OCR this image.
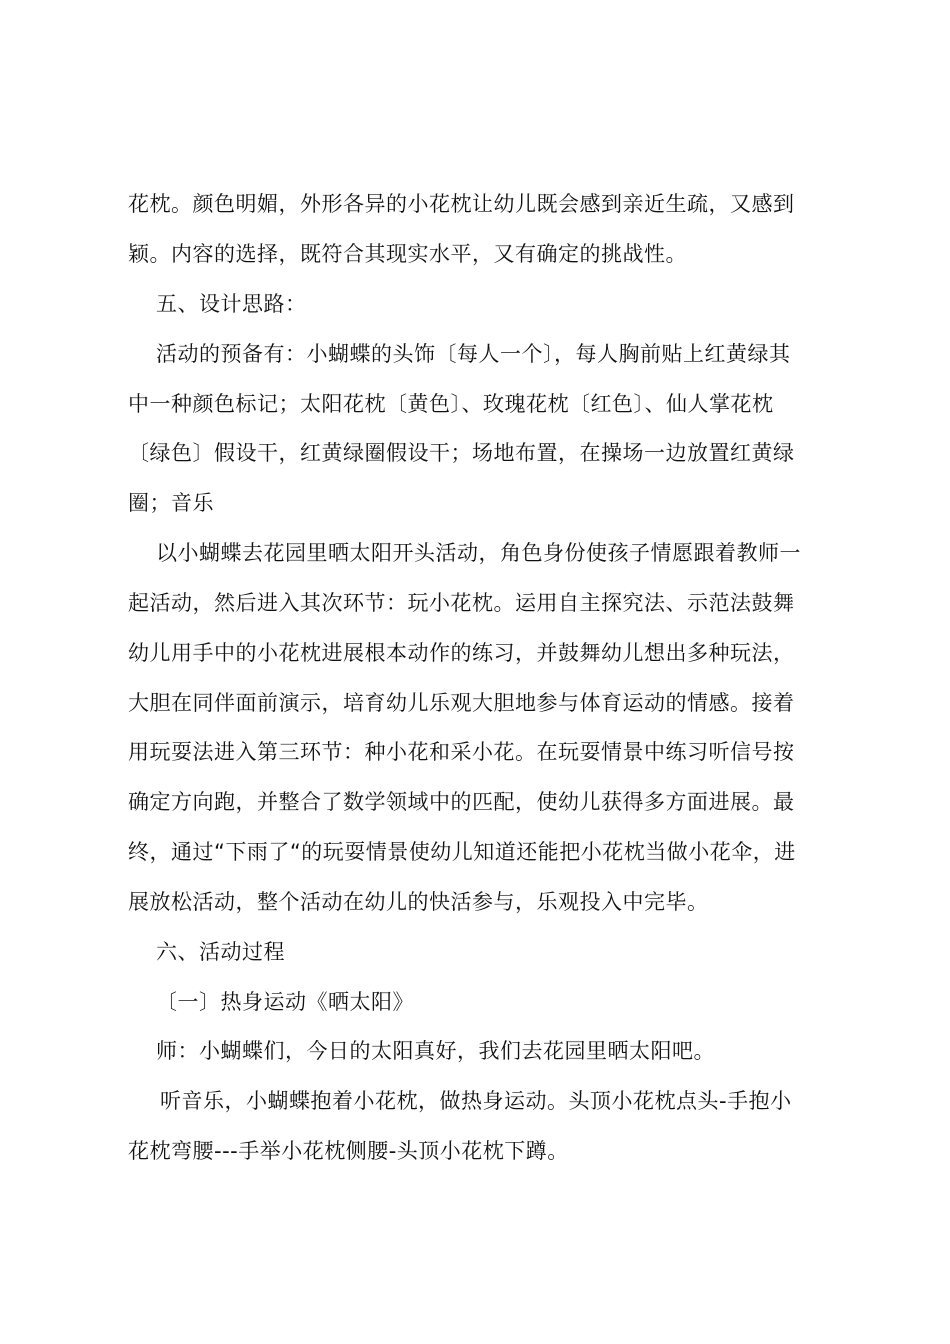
花枕。颜色明媚，外形各异的小花枕让幼儿既会感到亲近生疏，又感到
颖。内容的选择，既符合其现实水平，又有确定的挑战性。
五、设计思路：
活动的预备有：小蝴蝶的头饰〔每人一个〕，每人胸前贴上红黄绿其
中一种颜色标记；太阳花枕〔黄色〕、玫瑰花枕〔红色〕、仙人掌花枕
〔绿色〕假设干，红黄绿圈假设干；场地布置，在操场一边放置红黄绿
圈；音乐
以小蝴蝶去花园里晒太阳开头活动，角色身份使孩子情愿跟着教师一
起活动，然后进入其次环节：玩小花枕。运用自主探究法、示范法鼓舞
幼儿用手中的小花枕进展根本动作的练习，并鼓舞幼儿想出多种玩法，
大胆在同伴面前演示，培育幼儿乐观大胆地参与体育运动的情感。接着
用玩耍法进入第三环节：种小花和采小花。在玩耍情景中练习听信号按
确定方向跑，并整合了数学领域中的匹配，使幼儿获得多方面进展。最
终，通过“下雨了“的玩耍情景使幼儿知道还能把小花枕当做小花伞，进
展放松活动，整个活动在幼儿的快活参与，乐观投入中完毕。
六、活动过程
〔一〕热身运动《晒太阳》
师：小蝴蝶们，今日的太阳真好，我们去花园里晒太阳吧。
听音乐，小蝴蝶抱着小花枕，做热身运动。头顶小花枕点头-手抱小
花枕弯腰---手举小花枕侧腰-头顶小花枕下蹲。
